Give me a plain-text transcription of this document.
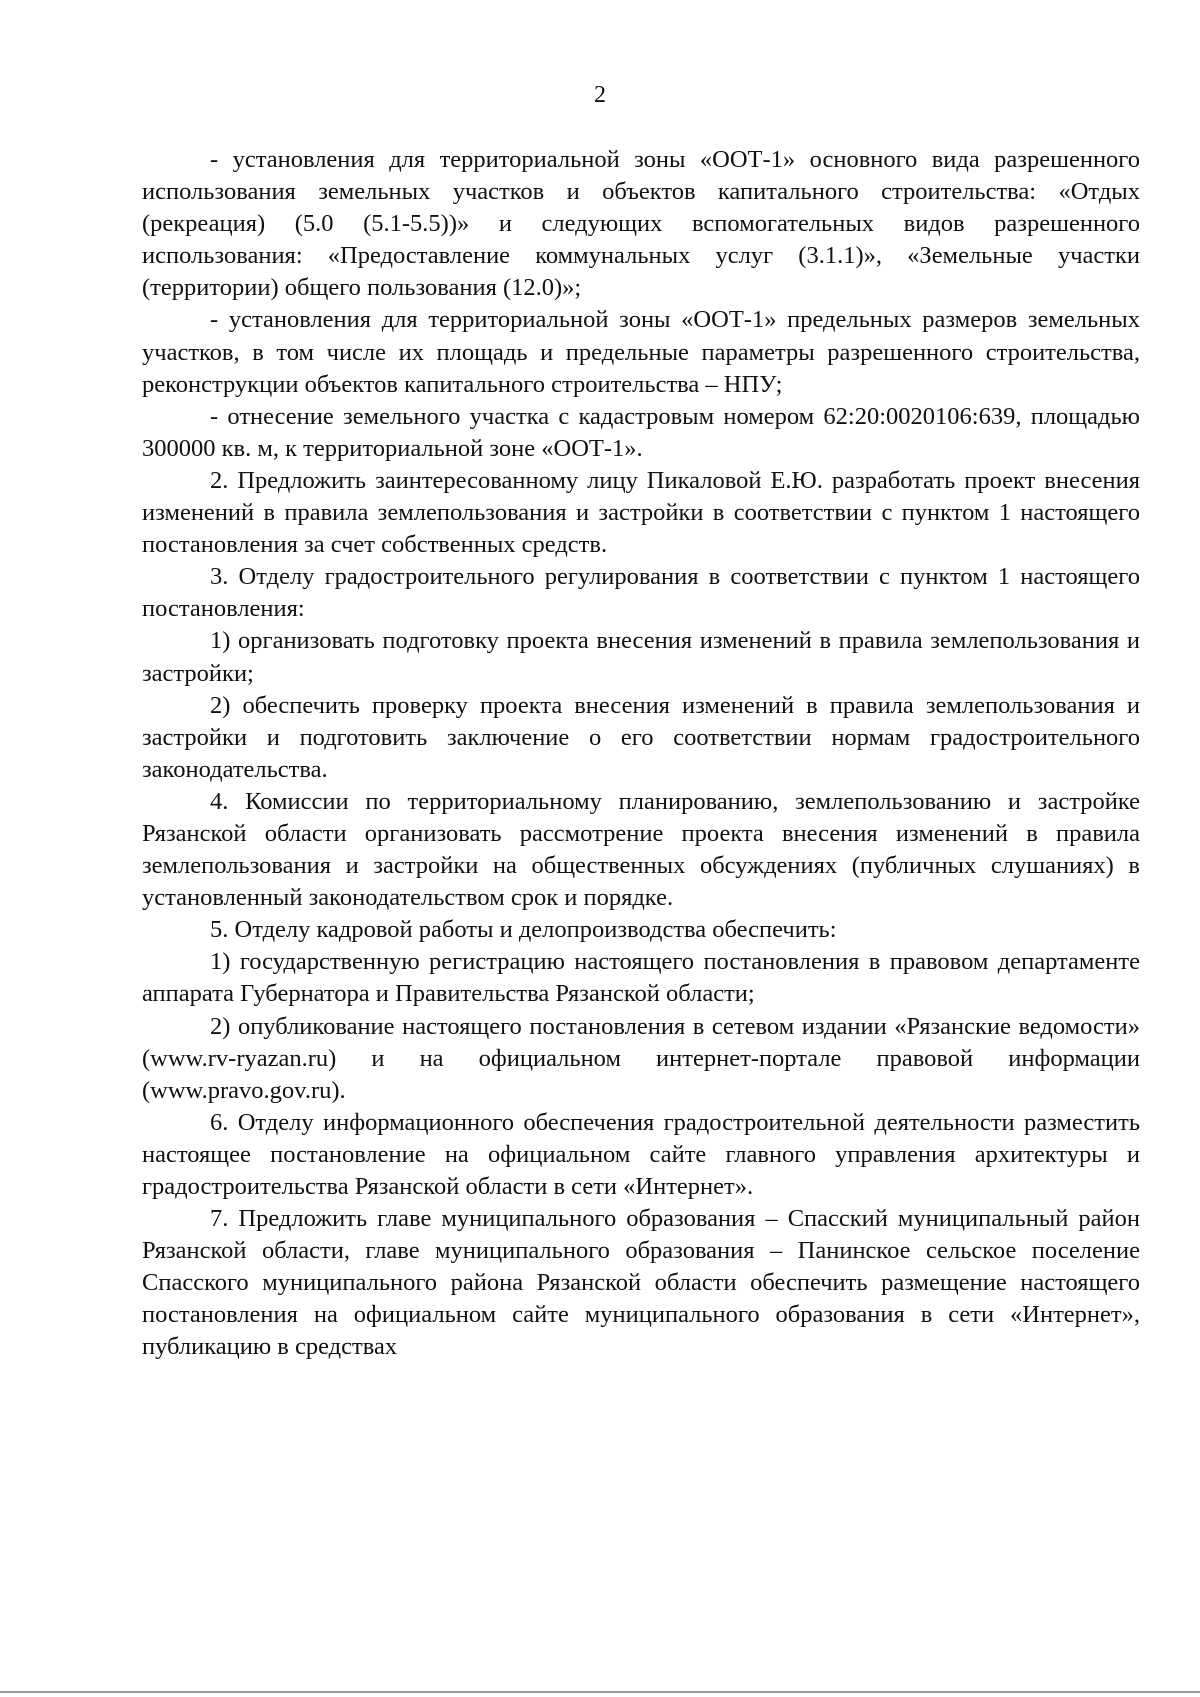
2

- установления для территориальной зоны «ООТ-1» основного вида разрешенного использования земельных участков и объектов капитального строительства: «Отдых (рекреация) (5.0 (5.1-5.5))» и следующих вспомогательных видов разрешенного использования: «Предоставление коммунальных услуг (3.1.1)», «Земельные участки (территории) общего пользования (12.0)»;

- установления для территориальной зоны «ООТ-1» предельных размеров земельных участков, в том числе их площадь и предельные параметры разрешенного строительства, реконструкции объектов капитального строительства – НПУ;

- отнесение земельного участка с кадастровым номером 62:20:0020106:639, площадью 300000 кв. м, к территориальной зоне «ООТ-1».

2. Предложить заинтересованному лицу Пикаловой Е.Ю. разработать проект внесения изменений в правила землепользования и застройки в соответствии с пунктом 1 настоящего постановления за счет собственных средств.

3. Отделу градостроительного регулирования в соответствии с пунктом 1 настоящего постановления:

1) организовать подготовку проекта внесения изменений в правила землепользования и застройки;

2) обеспечить проверку проекта внесения изменений в правила землепользования и застройки и подготовить заключение о его соответствии нормам градостроительного законодательства.

4. Комиссии по территориальному планированию, землепользованию и застройке Рязанской области организовать рассмотрение проекта внесения изменений в правила землепользования и застройки на общественных обсуждениях (публичных слушаниях) в установленный законодательством срок и порядке.

5. Отделу кадровой работы и делопроизводства обеспечить:

1) государственную регистрацию настоящего постановления в правовом департаменте аппарата Губернатора и Правительства Рязанской области;

2) опубликование настоящего постановления в сетевом издании «Рязанские ведомости» (www.rv-ryazan.ru) и на официальном интернет-портале правовой информации (www.pravo.gov.ru).

6. Отделу информационного обеспечения градостроительной деятельности разместить настоящее постановление на официальном сайте главного управления архитектуры и градостроительства Рязанской области в сети «Интернет».

7. Предложить главе муниципального образования – Спасский муниципальный район Рязанской области, главе муниципального образования – Панинское сельское поселение Спасского муниципального района Рязанской области обеспечить размещение настоящего постановления на официальном сайте муниципального образования в сети «Интернет», публикацию в средствах
